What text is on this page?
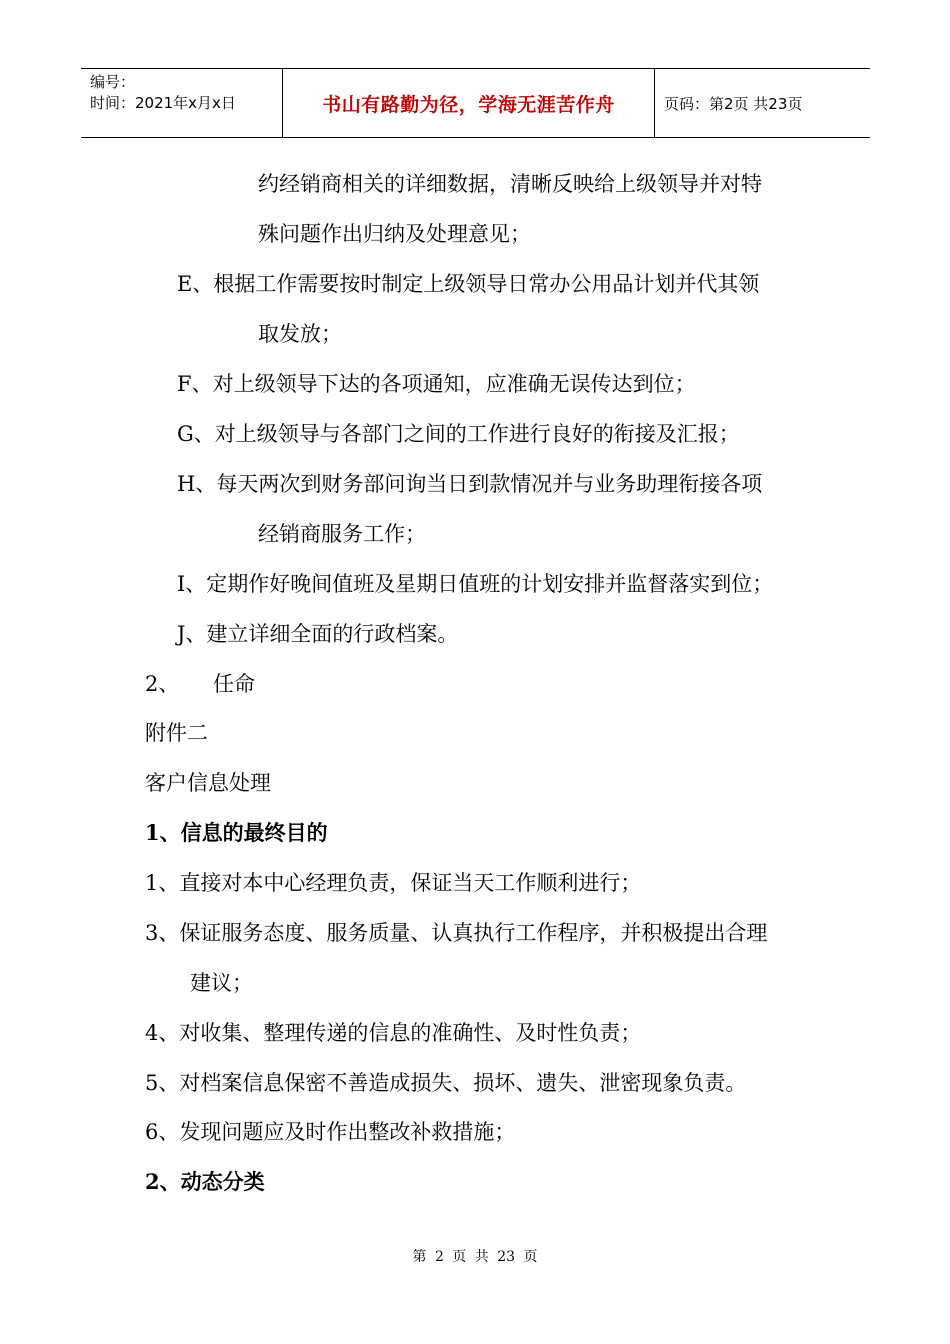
编号：
时间：2021年x月x日	书山有路勤为径，学海无涯苦作舟	页码：第2页 共23页
约经销商相关的详细数据，清晰反映给上级领导并对特
殊问题作出归纳及处理意见；
E、根据工作需要按时制定上级领导日常办公用品计划并代其领
取发放；
F、对上级领导下达的各项通知，应准确无误传达到位；
G、对上级领导与各部门之间的工作进行良好的衔接及汇报；
H、每天两次到财务部问询当日到款情况并与业务助理衔接各项
经销商服务工作；
I、定期作好晚间值班及星期日值班的计划安排并监督落实到位；
J、建立详细全面的行政档案。
2、 任命
附件二
客户信息处理
1、信息的最终目的
1、直接对本中心经理负责，保证当天工作顺利进行；
3、保证服务态度、服务质量、认真执行工作程序，并积极提出合理
建议；
4、对收集、整理传递的信息的准确性、及时性负责；
5、对档案信息保密不善造成损失、损坏、遗失、泄密现象负责。
6、发现问题应及时作出整改补救措施；
2、动态分类
第 2 页 共 23 页
